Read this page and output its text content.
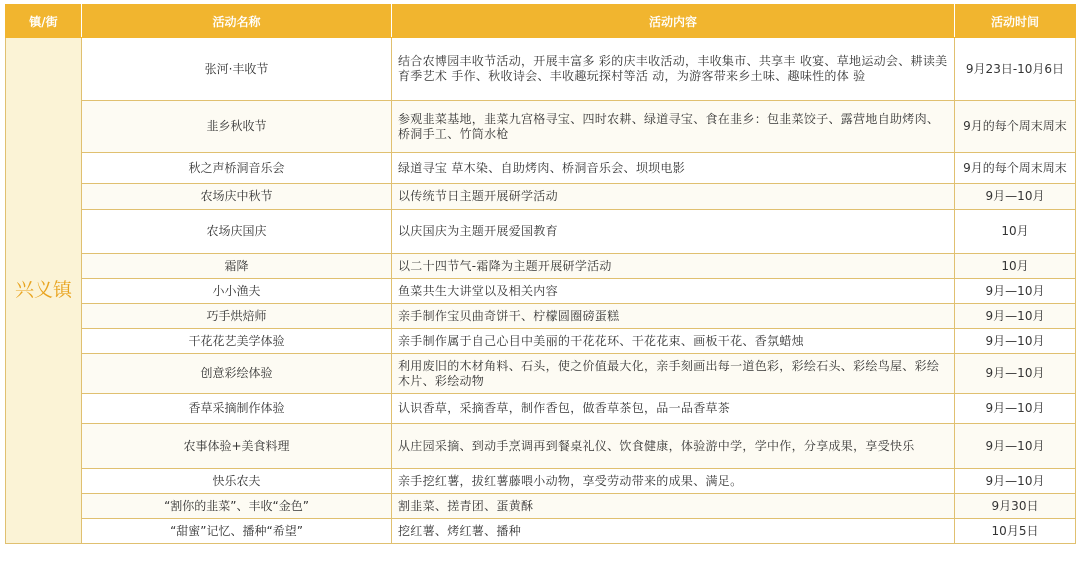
镇/街	活动名称	活动内容	活动时间
兴义镇	张河·丰收节	结合农博园丰收节活动，开展丰富多 彩的庆丰收活动，丰收集市、共享丰 收宴、草地运动会、耕读美育季艺术 手作、秋收诗会、丰收趣玩探村等活 动，为游客带来乡土味、趣味性的体 验	9月23日-10月6日
	韭乡秋收节	参观韭菜基地，韭菜九宫格寻宝、四时农耕、绿道寻宝、食在韭乡：包韭菜饺子、露营地自助烤肉、桥洞手工、竹筒水枪	9月的每个周末周末
	秋之声桥洞音乐会	绿道寻宝 草木染、自助烤肉、桥洞音乐会、坝坝电影	9月的每个周末周末
	农场庆中秋节	以传统节日主题开展研学活动	9月—10月
	农场庆国庆	以庆国庆为主题开展爱国教育	10月
	霜降	以二十四节气-霜降为主题开展研学活动	10月
	小小渔夫	鱼菜共生大讲堂以及相关内容	9月—10月
	巧手烘焙师	亲手制作宝贝曲奇饼干、柠檬圆圈磅蛋糕	9月—10月
	干花花艺美学体验	亲手制作属于自己心目中美丽的干花花环、干花花束、画板干花、香氛蜡烛	9月—10月
	创意彩绘体验	利用废旧的木材角料、石头，使之价值最大化，亲手刻画出每一道色彩，彩绘石头、彩绘鸟屋、彩绘木片、彩绘动物	9月—10月
	香草采摘制作体验	认识香草，采摘香草，制作香包，做香草茶包，品一品香草茶	9月—10月
	农事体验+美食料理	从庄园采摘、到动手烹调再到餐桌礼仪、饮食健康，体验游中学，学中作，分享成果，享受快乐	9月—10月
	快乐农夫	亲手挖红薯，拔红薯藤喂小动物，享受劳动带来的成果、满足。	9月—10月
	“割你的韭菜”、丰收“金色”	割韭菜、搓青团、蛋黄酥	9月30日
	“甜蜜”记忆、播种“希望”	挖红薯、烤红薯、播种	10月5日
